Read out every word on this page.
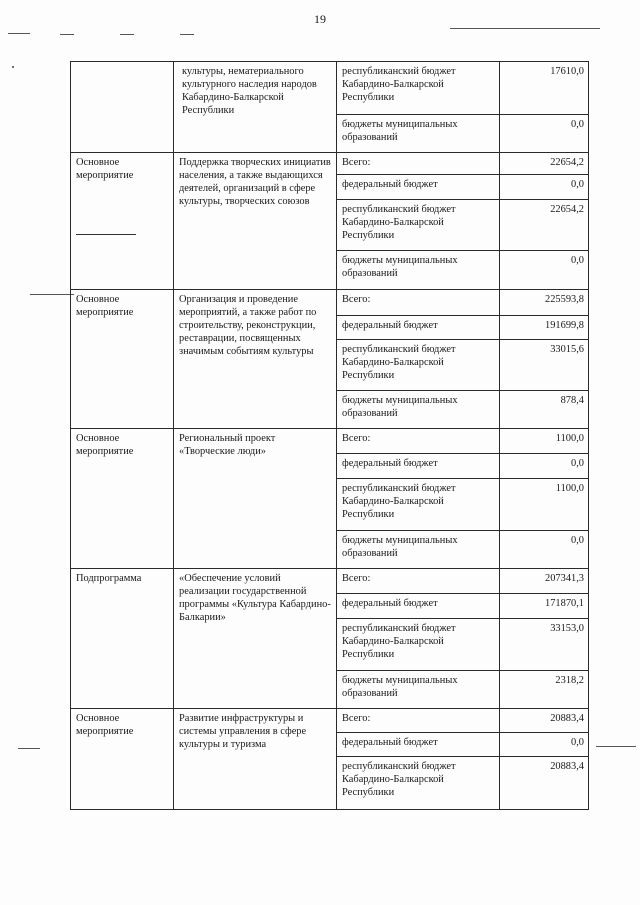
19
	культуры, нематериального культурного наследия народов Кабардино-Балкарской Республики	республиканский бюджет Кабардино-Балкарской Республики	17610,0
		бюджеты муниципальных образований	0,0
Основное мероприятие	Поддержка творческих инициатив населения, а также выдающихся деятелей, организаций в сфере культуры, творческих союзов	Всего:	22654,2
		федеральный бюджет	0,0
		республиканский бюджет Кабардино-Балкарской Республики	22654,2
		бюджеты муниципальных образований	0,0
Основное мероприятие	Организация и проведение мероприятий, а также работ по строительству, реконструкции, реставрации, посвященных значимым событиям культуры	Всего:	225593,8
		федеральный бюджет	191699,8
		республиканский бюджет Кабардино-Балкарской Республики	33015,6
		бюджеты муниципальных образований	878,4
Основное мероприятие	Региональный проект «Творческие люди»	Всего:	1100,0
		федеральный бюджет	0,0
		республиканский бюджет Кабардино-Балкарской Республики	1100,0
		бюджеты муниципальных образований	0,0
Подпрограмма	«Обеспечение условий реализации государственной программы «Культура Кабардино-Балкарии»	Всего:	207341,3
		федеральный бюджет	171870,1
		республиканский бюджет Кабардино-Балкарской Республики	33153,0
		бюджеты муниципальных образований	2318,2
Основное мероприятие	Развитие инфраструктуры и системы управления в сфере культуры и туризма	Всего:	20883,4
		федеральный бюджет	0,0
		республиканский бюджет Кабардино-Балкарской Республики	20883,4
